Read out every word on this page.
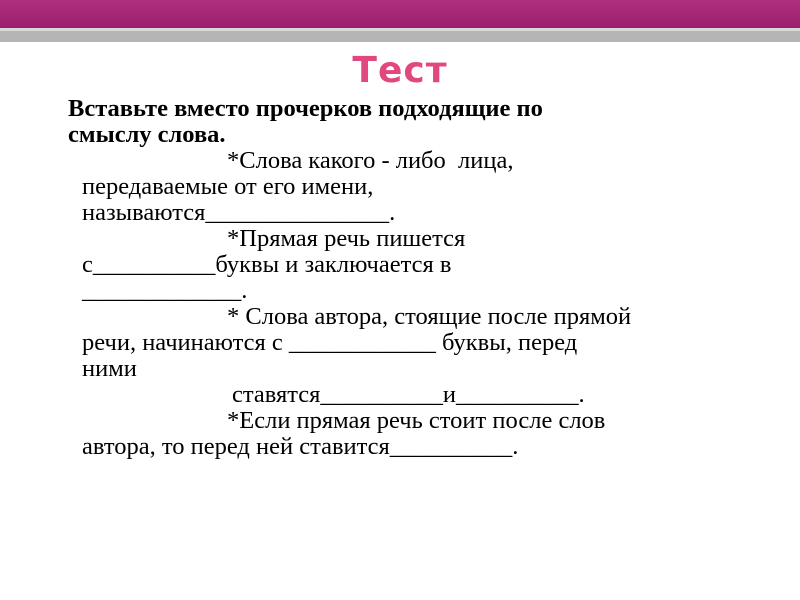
Тест

Вставьте вместо прочерков подходящие по
смыслу слова.

*Слова какого - либо  лица,
передаваемые от его имени,
называются_______________.
*Прямая речь пишется
с__________буквы и заключается в
_____________.
* Слова автора, стоящие после прямой
речи, начинаются с ____________ буквы, перед
ними
ставятся__________и__________.
*Если прямая речь стоит после слов
автора, то перед ней ставится__________.
